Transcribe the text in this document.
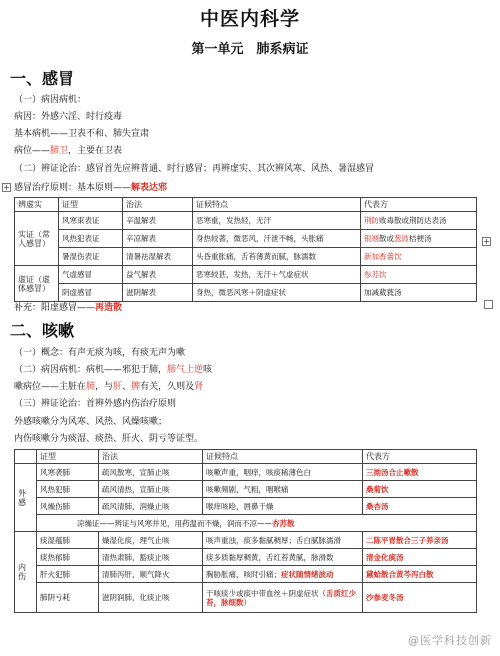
中医内科学
第一单元　肺系病证
一、感冒
（一）病因病机：
病因：外感六淫、时行疫毒
基本病机——卫表不和、肺失宣肃
病位——肺卫，主要在卫表
（二）辨证论治：感冒首先应辨普通、时行感冒；再辨虚实、其次辨风寒、风热、暑湿感冒
+ 感冒治疗原则：基本原则——解表达邪
辨虚实	证型	治法	证候特点	代表方
实证（常人感冒）	风寒束表证	辛温解表	恶寒重，发热轻，无汗	荆防败毒散或荆防达表汤
	风热犯表证	辛凉解表	身热较著，微恶风，汗泄不畅，头胀痛	银翘散或葱豉桔梗汤
	暑湿伤表证	清暑祛湿解表	头昏重胀痛，舌苔薄黄而腻，脉濡数	新加香薷饮
虚证（虚体感冒）	气虚感冒	益气解表	恶寒较甚，发热，无汗＋气虚症状	参苏饮
	阴虚感冒	滋阴解表	身热，微恶风寒＋阴虚症状	加减葳蕤汤
+
补充：阳虚感冒——再造散
二、咳嗽
（一）概念：有声无痰为咳，有痰无声为嗽
（二）病因病机：病机——邪犯于肺，肺气上逆咳
嗽病位——主脏在肺，与肝、脾有关，久则及肾
（三）辨证论治：首辨外感内伤治疗原则
外感咳嗽分为风寒、风热、风燥咳嗽；
内伤咳嗽分为痰湿、痰热、肝火、阴亏等证型。
	证型	治法	证候特点	代表方
外感	风寒袭肺	疏风散寒，宣肺止咳	咳嗽声重，咽痒，咳痰稀薄色白	三拗汤合止嗽散
	风热犯肺	疏风清热，宣肺止咳	咳嗽频剧，气粗，咽喉痛	桑菊饮
	风燥伤肺	疏风清肺，润燥止咳	喉痒咳呛，唇鼻干燥	桑杏汤
	凉燥证——辨证与风寒并见，用药温而不燥，润而不凉——杏苏散			
内伤	痰湿蕴肺	燥湿化痰，理气止咳	咳声重浊，痰多黏腻稠厚；舌白腻脉濡滑	二陈平胃散合三子养亲汤
	痰热郁肺	清热肃肺，豁痰止咳	痰多质黏厚稠黄，舌红苔黄腻，脉滑数	清金化痰汤
	肝火犯肺	清肺泻肝，顺气降火	胸胁胀痛，咳时引痛；症状随情绪波动	黛蛤散合黄芩泻白散
	肺阴亏耗	滋阴润肺，化痰止咳	干咳痰少或痰中带血丝＋阴虚症状（舌质红少苔，脉细数）	沙参麦冬汤
@医学科技创新
